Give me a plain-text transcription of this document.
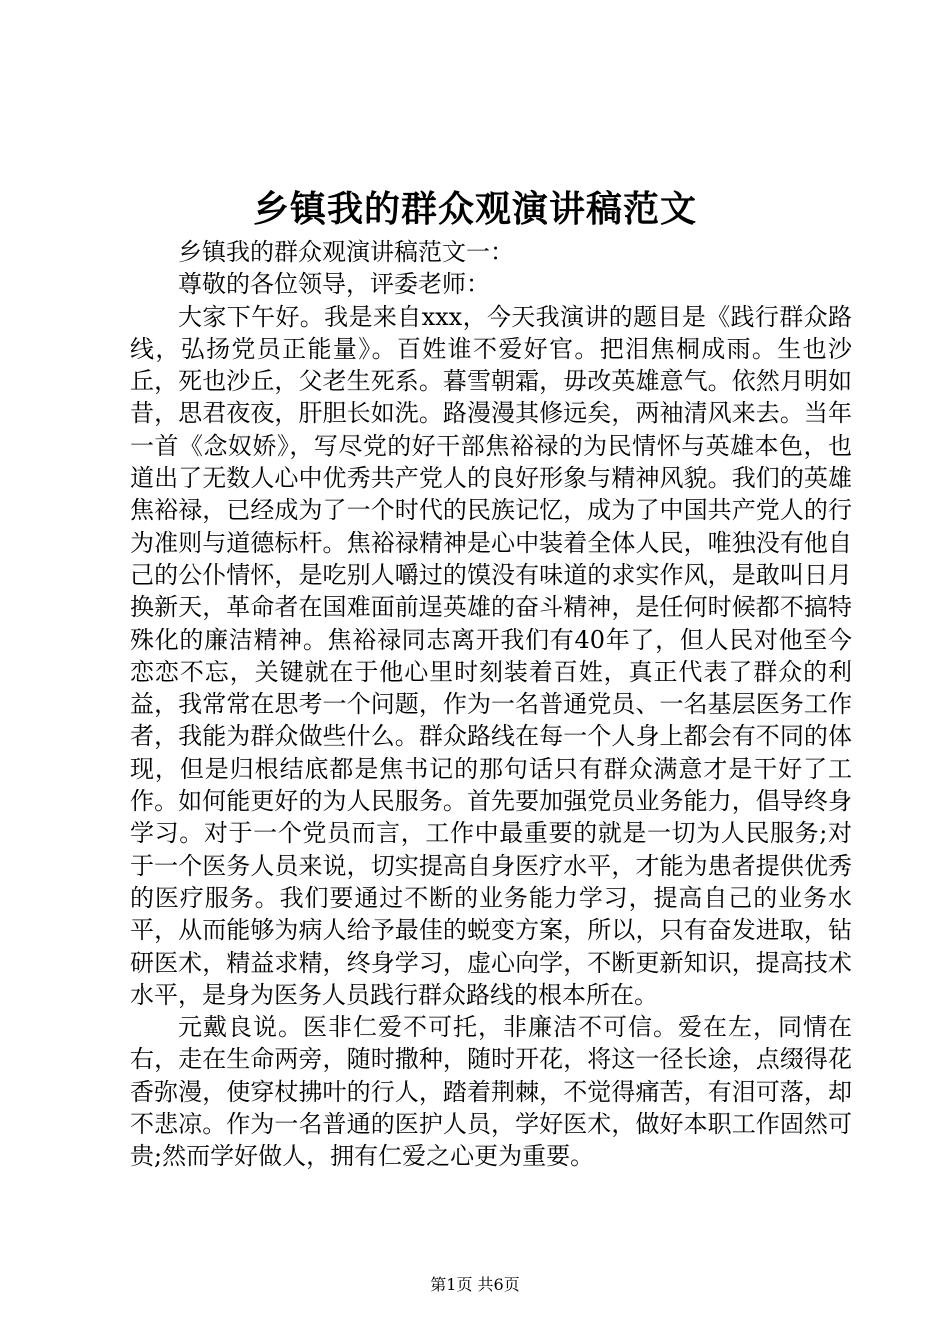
乡镇我的群众观演讲稿范文

乡镇我的群众观演讲稿范文一：

尊敬的各位领导，评委老师：

大家下午好。我是来自xxx，今天我演讲的题目是《践行群众路线，弘扬党员正能量》。百姓谁不爱好官。把泪焦桐成雨。生也沙丘，死也沙丘，父老生死系。暮雪朝霜，毋改英雄意气。依然月明如昔，思君夜夜，肝胆长如洗。路漫漫其修远矣，两袖清风来去。当年一首《念奴娇》，写尽党的好干部焦裕禄的为民情怀与英雄本色，也道出了无数人心中优秀共产党人的良好形象与精神风貌。我们的英雄焦裕禄，已经成为了一个时代的民族记忆，成为了中国共产党人的行为准则与道德标杆。焦裕禄精神是心中装着全体人民，唯独没有他自己的公仆情怀，是吃别人嚼过的馍没有味道的求实作风，是敢叫日月换新天，革命者在国难面前逞英雄的奋斗精神，是任何时候都不搞特殊化的廉洁精神。焦裕禄同志离开我们有40年了，但人民对他至今恋恋不忘，关键就在于他心里时刻装着百姓，真正代表了群众的利益，我常常在思考一个问题，作为一名普通党员、一名基层医务工作者，我能为群众做些什么。群众路线在每一个人身上都会有不同的体现，但是归根结底都是焦书记的那句话只有群众满意才是干好了工作。如何能更好的为人民服务。首先要加强党员业务能力，倡导终身学习。对于一个党员而言，工作中最重要的就是一切为人民服务;对于一个医务人员来说，切实提高自身医疗水平，才能为患者提供优秀的医疗服务。我们要通过不断的业务能力学习，提高自己的业务水平，从而能够为病人给予最佳的蜕变方案，所以，只有奋发进取，钻研医术，精益求精，终身学习，虚心向学，不断更新知识，提高技术水平，是身为医务人员践行群众路线的根本所在。

元戴良说。医非仁爱不可托，非廉洁不可信。爱在左，同情在右，走在生命两旁，随时撒种，随时开花，将这一径长途，点缀得花香弥漫，使穿杖拂叶的行人，踏着荆棘，不觉得痛苦，有泪可落，却不悲凉。作为一名普通的医护人员，学好医术，做好本职工作固然可贵;然而学好做人，拥有仁爱之心更为重要。

第1页 共6页
